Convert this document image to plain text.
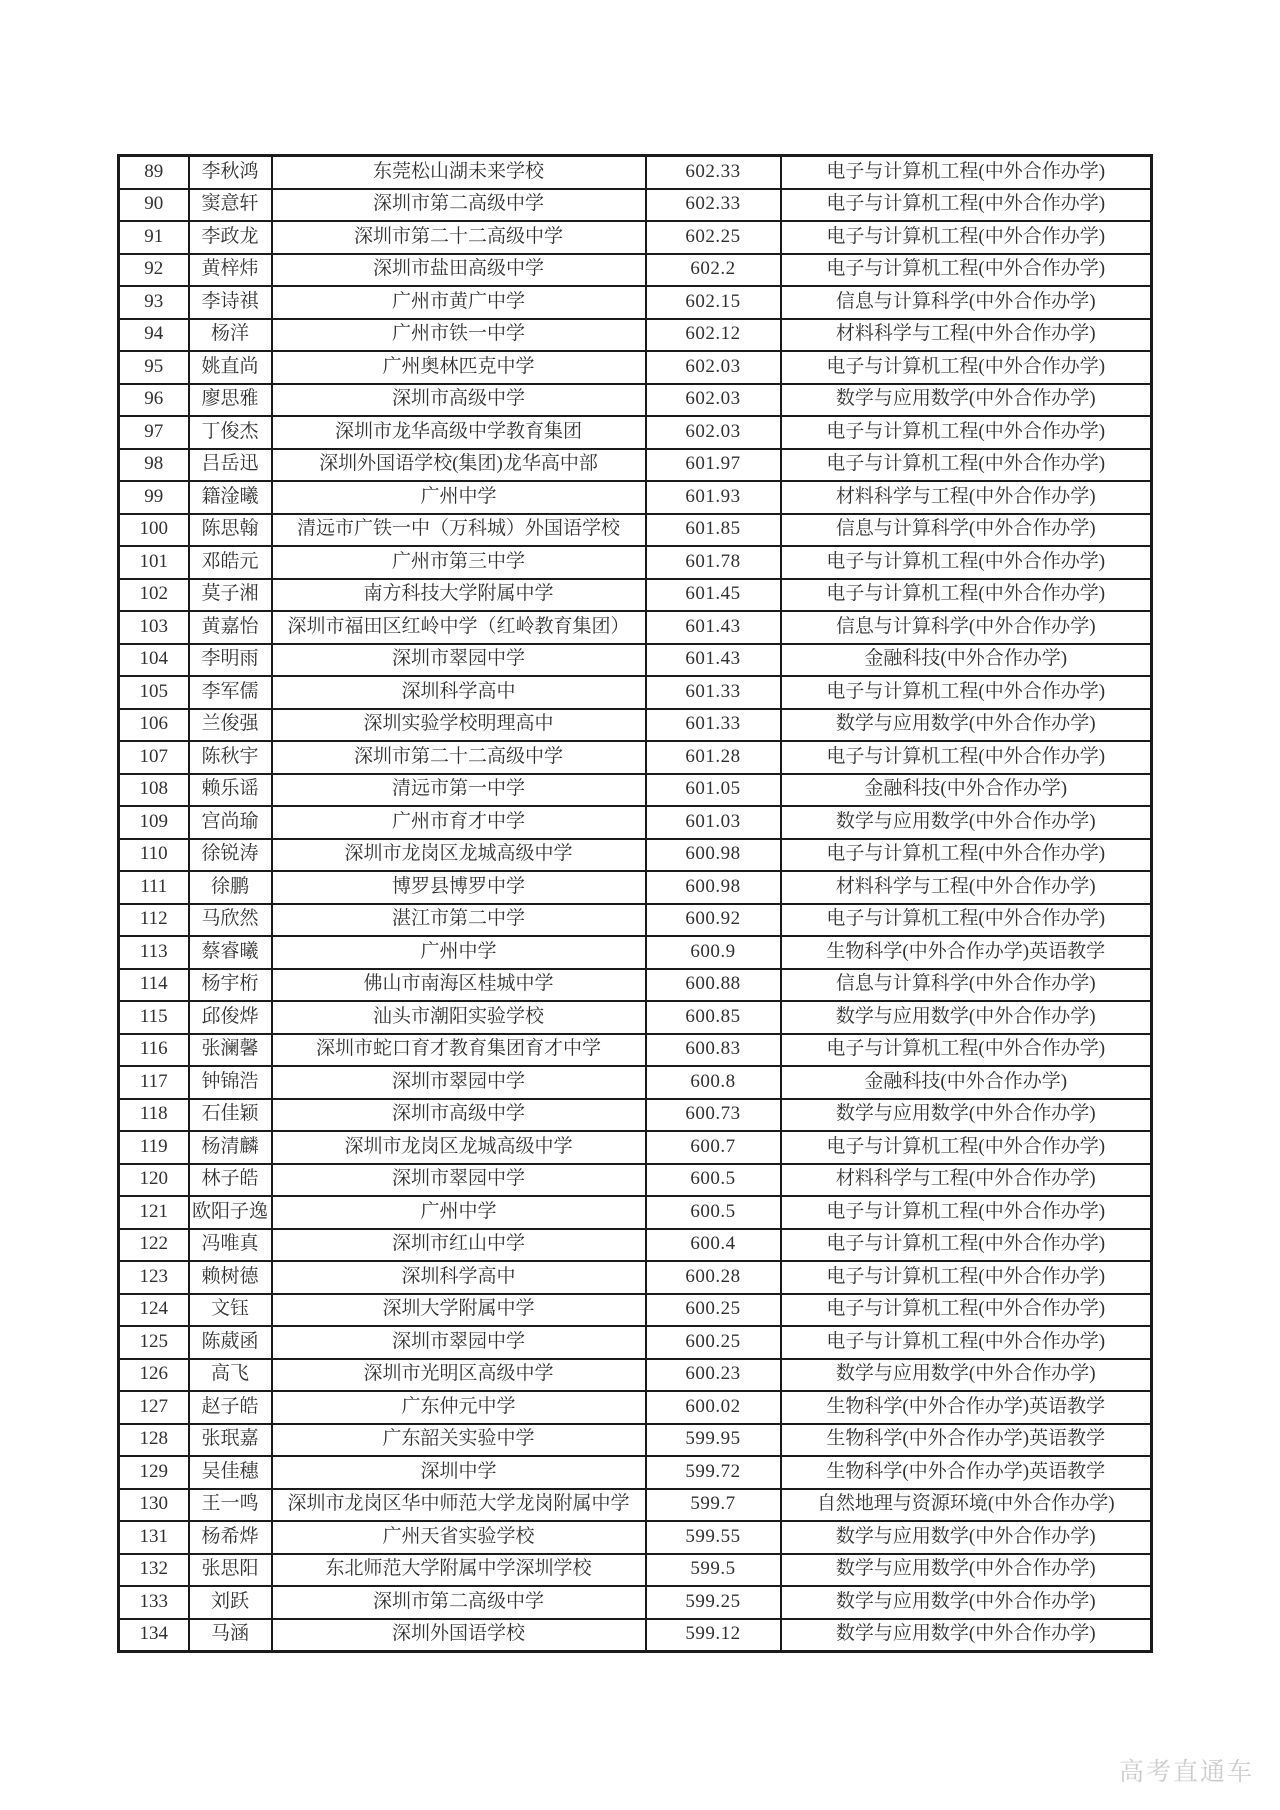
89	李秋鸿	东莞松山湖未来学校	602.33	电子与计算机工程(中外合作办学)
90	窦意轩	深圳市第二高级中学	602.33	电子与计算机工程(中外合作办学)
91	李政龙	深圳市第二十二高级中学	602.25	电子与计算机工程(中外合作办学)
92	黄梓炜	深圳市盐田高级中学	602.2	电子与计算机工程(中外合作办学)
93	李诗祺	广州市黄广中学	602.15	信息与计算科学(中外合作办学)
94	杨洋	广州市铁一中学	602.12	材料科学与工程(中外合作办学)
95	姚直尚	广州奥林匹克中学	602.03	电子与计算机工程(中外合作办学)
96	廖思雅	深圳市高级中学	602.03	数学与应用数学(中外合作办学)
97	丁俊杰	深圳市龙华高级中学教育集团	602.03	电子与计算机工程(中外合作办学)
98	吕岳迅	深圳外国语学校(集团)龙华高中部	601.97	电子与计算机工程(中外合作办学)
99	籍淦曦	广州中学	601.93	材料科学与工程(中外合作办学)
100	陈思翰	清远市广铁一中（万科城）外国语学校	601.85	信息与计算科学(中外合作办学)
101	邓皓元	广州市第三中学	601.78	电子与计算机工程(中外合作办学)
102	莫子湘	南方科技大学附属中学	601.45	电子与计算机工程(中外合作办学)
103	黄嘉怡	深圳市福田区红岭中学（红岭教育集团）	601.43	信息与计算科学(中外合作办学)
104	李明雨	深圳市翠园中学	601.43	金融科技(中外合作办学)
105	李军儒	深圳科学高中	601.33	电子与计算机工程(中外合作办学)
106	兰俊强	深圳实验学校明理高中	601.33	数学与应用数学(中外合作办学)
107	陈秋宇	深圳市第二十二高级中学	601.28	电子与计算机工程(中外合作办学)
108	赖乐谣	清远市第一中学	601.05	金融科技(中外合作办学)
109	宫尚瑜	广州市育才中学	601.03	数学与应用数学(中外合作办学)
110	徐锐涛	深圳市龙岗区龙城高级中学	600.98	电子与计算机工程(中外合作办学)
111	徐鹏	博罗县博罗中学	600.98	材料科学与工程(中外合作办学)
112	马欣然	湛江市第二中学	600.92	电子与计算机工程(中外合作办学)
113	蔡睿曦	广州中学	600.9	生物科学(中外合作办学)英语教学
114	杨宇桁	佛山市南海区桂城中学	600.88	信息与计算科学(中外合作办学)
115	邱俊烨	汕头市潮阳实验学校	600.85	数学与应用数学(中外合作办学)
116	张澜馨	深圳市蛇口育才教育集团育才中学	600.83	电子与计算机工程(中外合作办学)
117	钟锦浩	深圳市翠园中学	600.8	金融科技(中外合作办学)
118	石佳颖	深圳市高级中学	600.73	数学与应用数学(中外合作办学)
119	杨清麟	深圳市龙岗区龙城高级中学	600.7	电子与计算机工程(中外合作办学)
120	林子皓	深圳市翠园中学	600.5	材料科学与工程(中外合作办学)
121	欧阳子逸	广州中学	600.5	电子与计算机工程(中外合作办学)
122	冯唯真	深圳市红山中学	600.4	电子与计算机工程(中外合作办学)
123	赖树德	深圳科学高中	600.28	电子与计算机工程(中外合作办学)
124	文钰	深圳大学附属中学	600.25	电子与计算机工程(中外合作办学)
125	陈葳函	深圳市翠园中学	600.25	电子与计算机工程(中外合作办学)
126	高飞	深圳市光明区高级中学	600.23	数学与应用数学(中外合作办学)
127	赵子皓	广东仲元中学	600.02	生物科学(中外合作办学)英语教学
128	张珉嘉	广东韶关实验中学	599.95	生物科学(中外合作办学)英语教学
129	吴佳穗	深圳中学	599.72	生物科学(中外合作办学)英语教学
130	王一鸣	深圳市龙岗区华中师范大学龙岗附属中学	599.7	自然地理与资源环境(中外合作办学)
131	杨希烨	广州天省实验学校	599.55	数学与应用数学(中外合作办学)
132	张思阳	东北师范大学附属中学深圳学校	599.5	数学与应用数学(中外合作办学)
133	刘跃	深圳市第二高级中学	599.25	数学与应用数学(中外合作办学)
134	马涵	深圳外国语学校	599.12	数学与应用数学(中外合作办学)
高考直通车
